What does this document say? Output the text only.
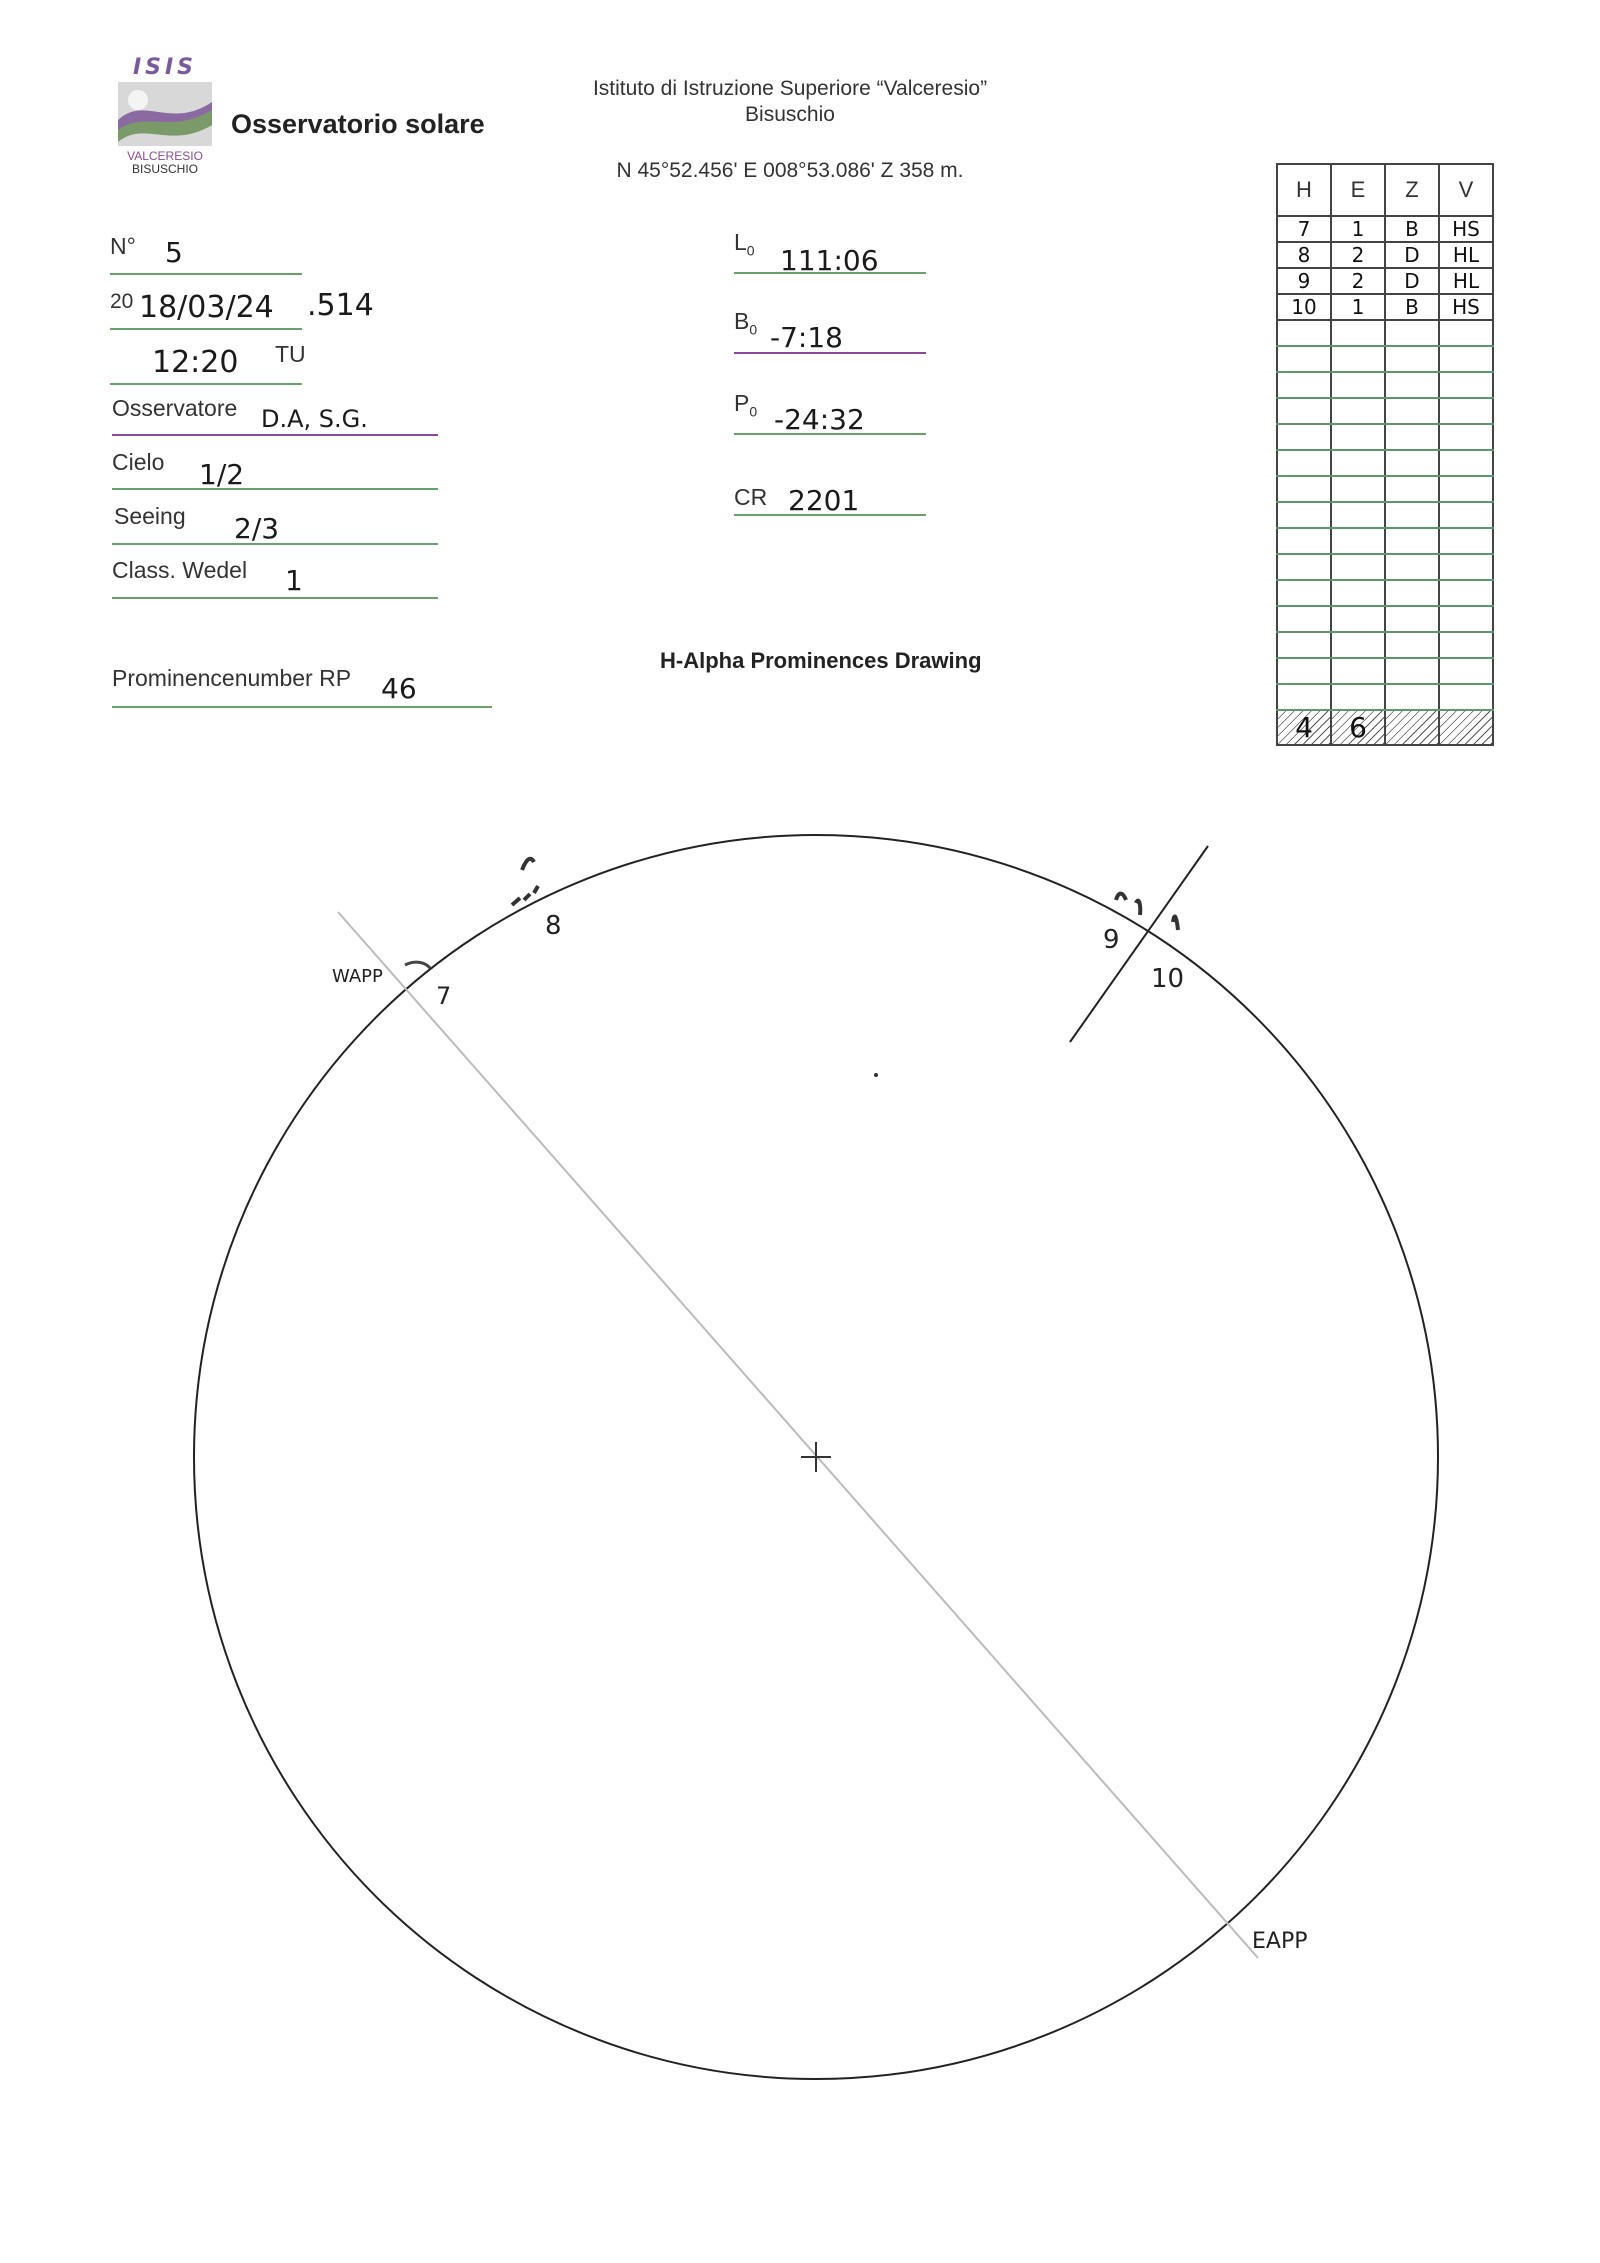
ISIS
VALCERESIO
BISUSCHIO
Osservatorio solare
Istituto di Istruzione Superiore “Valceresio”
Bisuschio
N 45°52.456' E 008°53.086' Z 358 m.
N° 5
20 18/03/24 .514
12:20 TU
Osservatore D.A, S.G.
Cielo 1/2
Seeing 2/3
Class. Wedel 1
Prominencenumber RP 46
$L_0$ 111:06
$B_0$ -7:18
$P_0$ -24:32
CR 2201
H-Alpha Prominences Drawing
H	E	Z	V
7	1	B	HS
8	2	D	HL
9	2	D	HL
10	1	B	HS

4	6		
WAPP
7
8	9
10
EAPP
